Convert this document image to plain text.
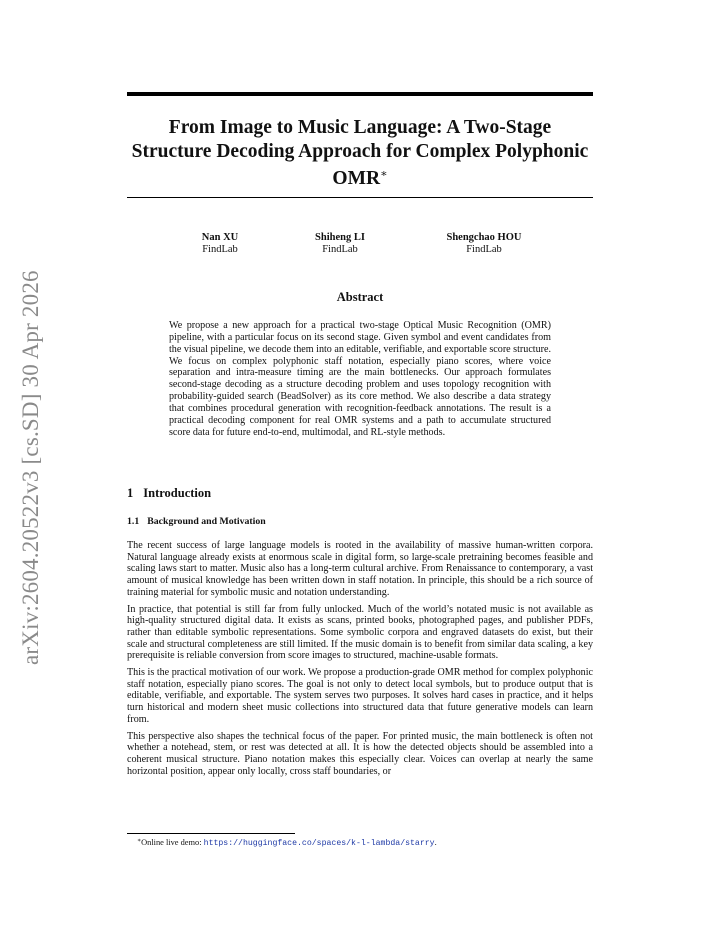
arXiv:2604.20522v3 [cs.SD] 30 Apr 2026
From Image to Music Language: A Two-Stage Structure Decoding Approach for Complex Polyphonic OMR∗
Nan XU
FindLab
Shiheng LI
FindLab
Shengchao HOU
FindLab
Abstract

We propose a new approach for a practical two-stage Optical Music Recognition (OMR) pipeline, with a particular focus on its second stage. Given symbol and event candidates from the visual pipeline, we decode them into an editable, verifiable, and exportable score structure. We focus on complex polyphonic staff notation, especially piano scores, where voice separation and intra-measure timing are the main bottlenecks. Our approach formulates second-stage decoding as a structure decoding problem and uses topology recognition with probability-guided search (BeadSolver) as its core method. We also describe a data strategy that combines procedural generation with recognition-feedback annotations. The result is a practical decoding component for real OMR systems and a path to accumulate structured score data for future end-to-end, multimodal, and RL-style methods.

1 Introduction
1.1 Background and Motivation

The recent success of large language models is rooted in the availability of massive human-written corpora. Natural language already exists at enormous scale in digital form, so large-scale pretraining becomes feasible and scaling laws start to matter. Music also has a long-term cultural archive. From Renaissance to contemporary, a vast amount of musical knowledge has been written down in staff notation. In principle, this should be a rich source of training material for symbolic music and notation understanding.

In practice, that potential is still far from fully unlocked. Much of the world’s notated music is not available as high-quality structured digital data. It exists as scans, printed books, photographed pages, and publisher PDFs, rather than editable symbolic representations. Some symbolic corpora and engraved datasets do exist, but their scale and structural completeness are still limited. If the music domain is to benefit from similar data scaling, a key prerequisite is reliable conversion from score images to structured, machine-usable formats.

This is the practical motivation of our work. We propose a production-grade OMR method for complex polyphonic staff notation, especially piano scores. The goal is not only to detect local symbols, but to produce output that is editable, verifiable, and exportable. The system serves two purposes. It solves hard cases in practice, and it helps turn historical and modern sheet music collections into structured data that future generative models can learn from.

This perspective also shapes the technical focus of the paper. For printed music, the main bottleneck is often not whether a notehead, stem, or rest was detected at all. It is how the detected objects should be assembled into a coherent musical structure. Piano notation makes this especially clear. Voices can overlap at nearly the same horizontal position, appear only locally, cross staff boundaries, or

∗Online live demo: https://huggingface.co/spaces/k-l-lambda/starry.
